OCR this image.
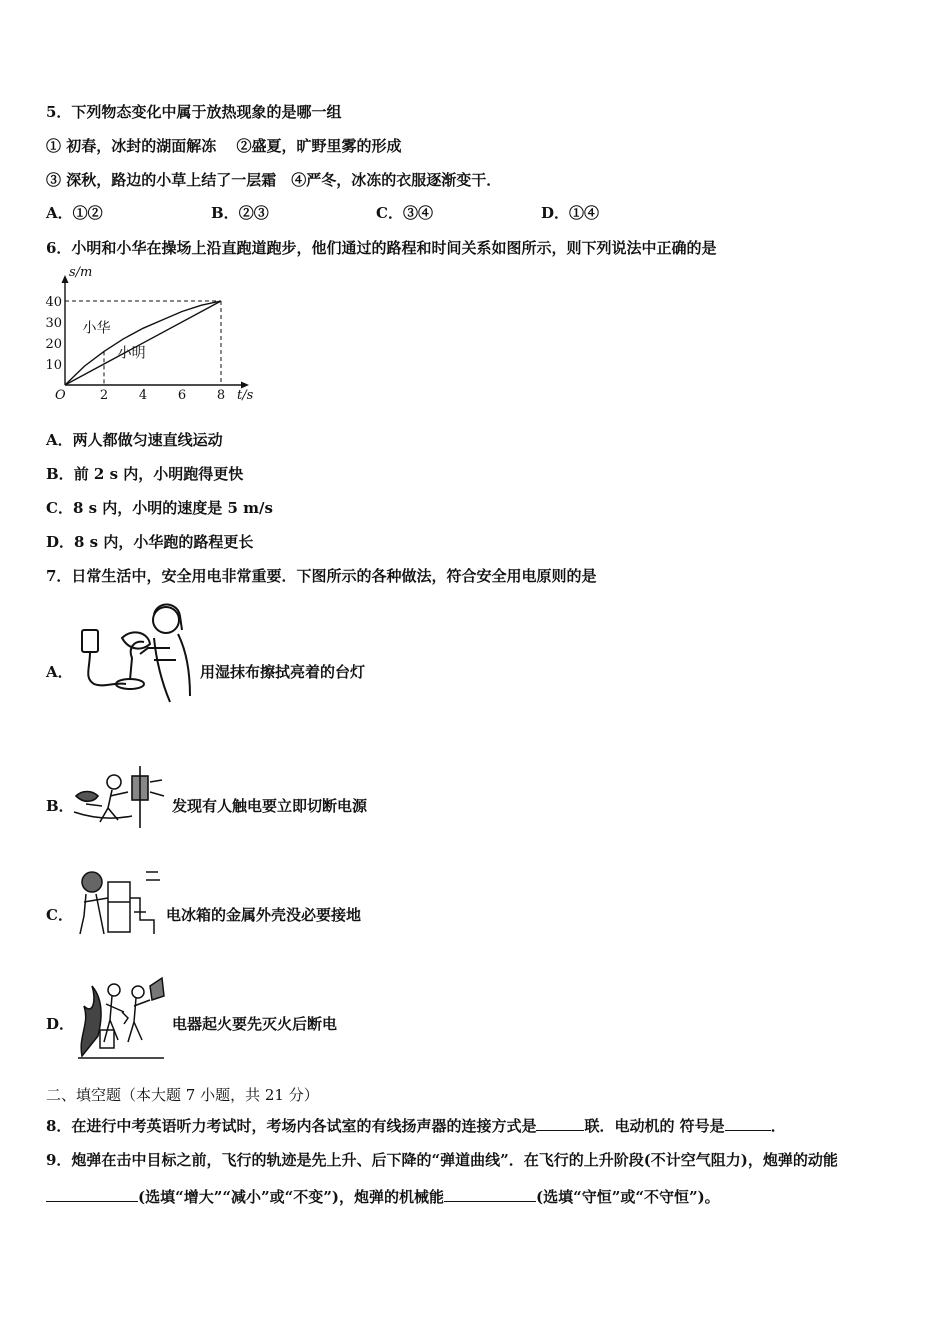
5．下列物态变化中属于放热现象的是哪一组
① 初春，冰封的湖面解冻　 ②盛夏，旷野里雾的形成
③ 深秋，路边的小草上结了一层霜　④严冬，冰冻的衣服逐渐变干．
A．①②	B．②③	C．③④	D．①④
6．小明和小华在操场上沿直跑道跑步，他们通过的路程和时间关系如图所示，则下列说法中正确的是
2 4 6 8
10
20
30
40
小华
小明
s/m
t/s
O
A．两人都做匀速直线运动
B．前 2 s 内，小明跑得更快
C．8 s 内，小明的速度是 5 m/s
D．8 s 内，小华跑的路程更长
7．日常生活中，安全用电非常重要．下图所示的各种做法，符合安全用电原则的是
A．	用湿抹布擦拭亮着的台灯
B．	发现有人触电要立即切断电源
C．	电冰箱的金属外壳没必要接地
D．	电器起火要先灭火后断电
二、填空题（本大题 7 小题，共 21 分）
8．在进行中考英语听力考试时，考场内各试室的有线扬声器的连接方式是	联．电动机的 符号是	．
9．炮弹在击中目标之前，飞行的轨迹是先上升、后下降的“弹道曲线”．在飞行的上升阶段(不计空气阻力)，炮弹的动能
(选填“增大”“减小”或“不变”)，炮弹的机械能	(选填“守恒”或“不守恒”)。
